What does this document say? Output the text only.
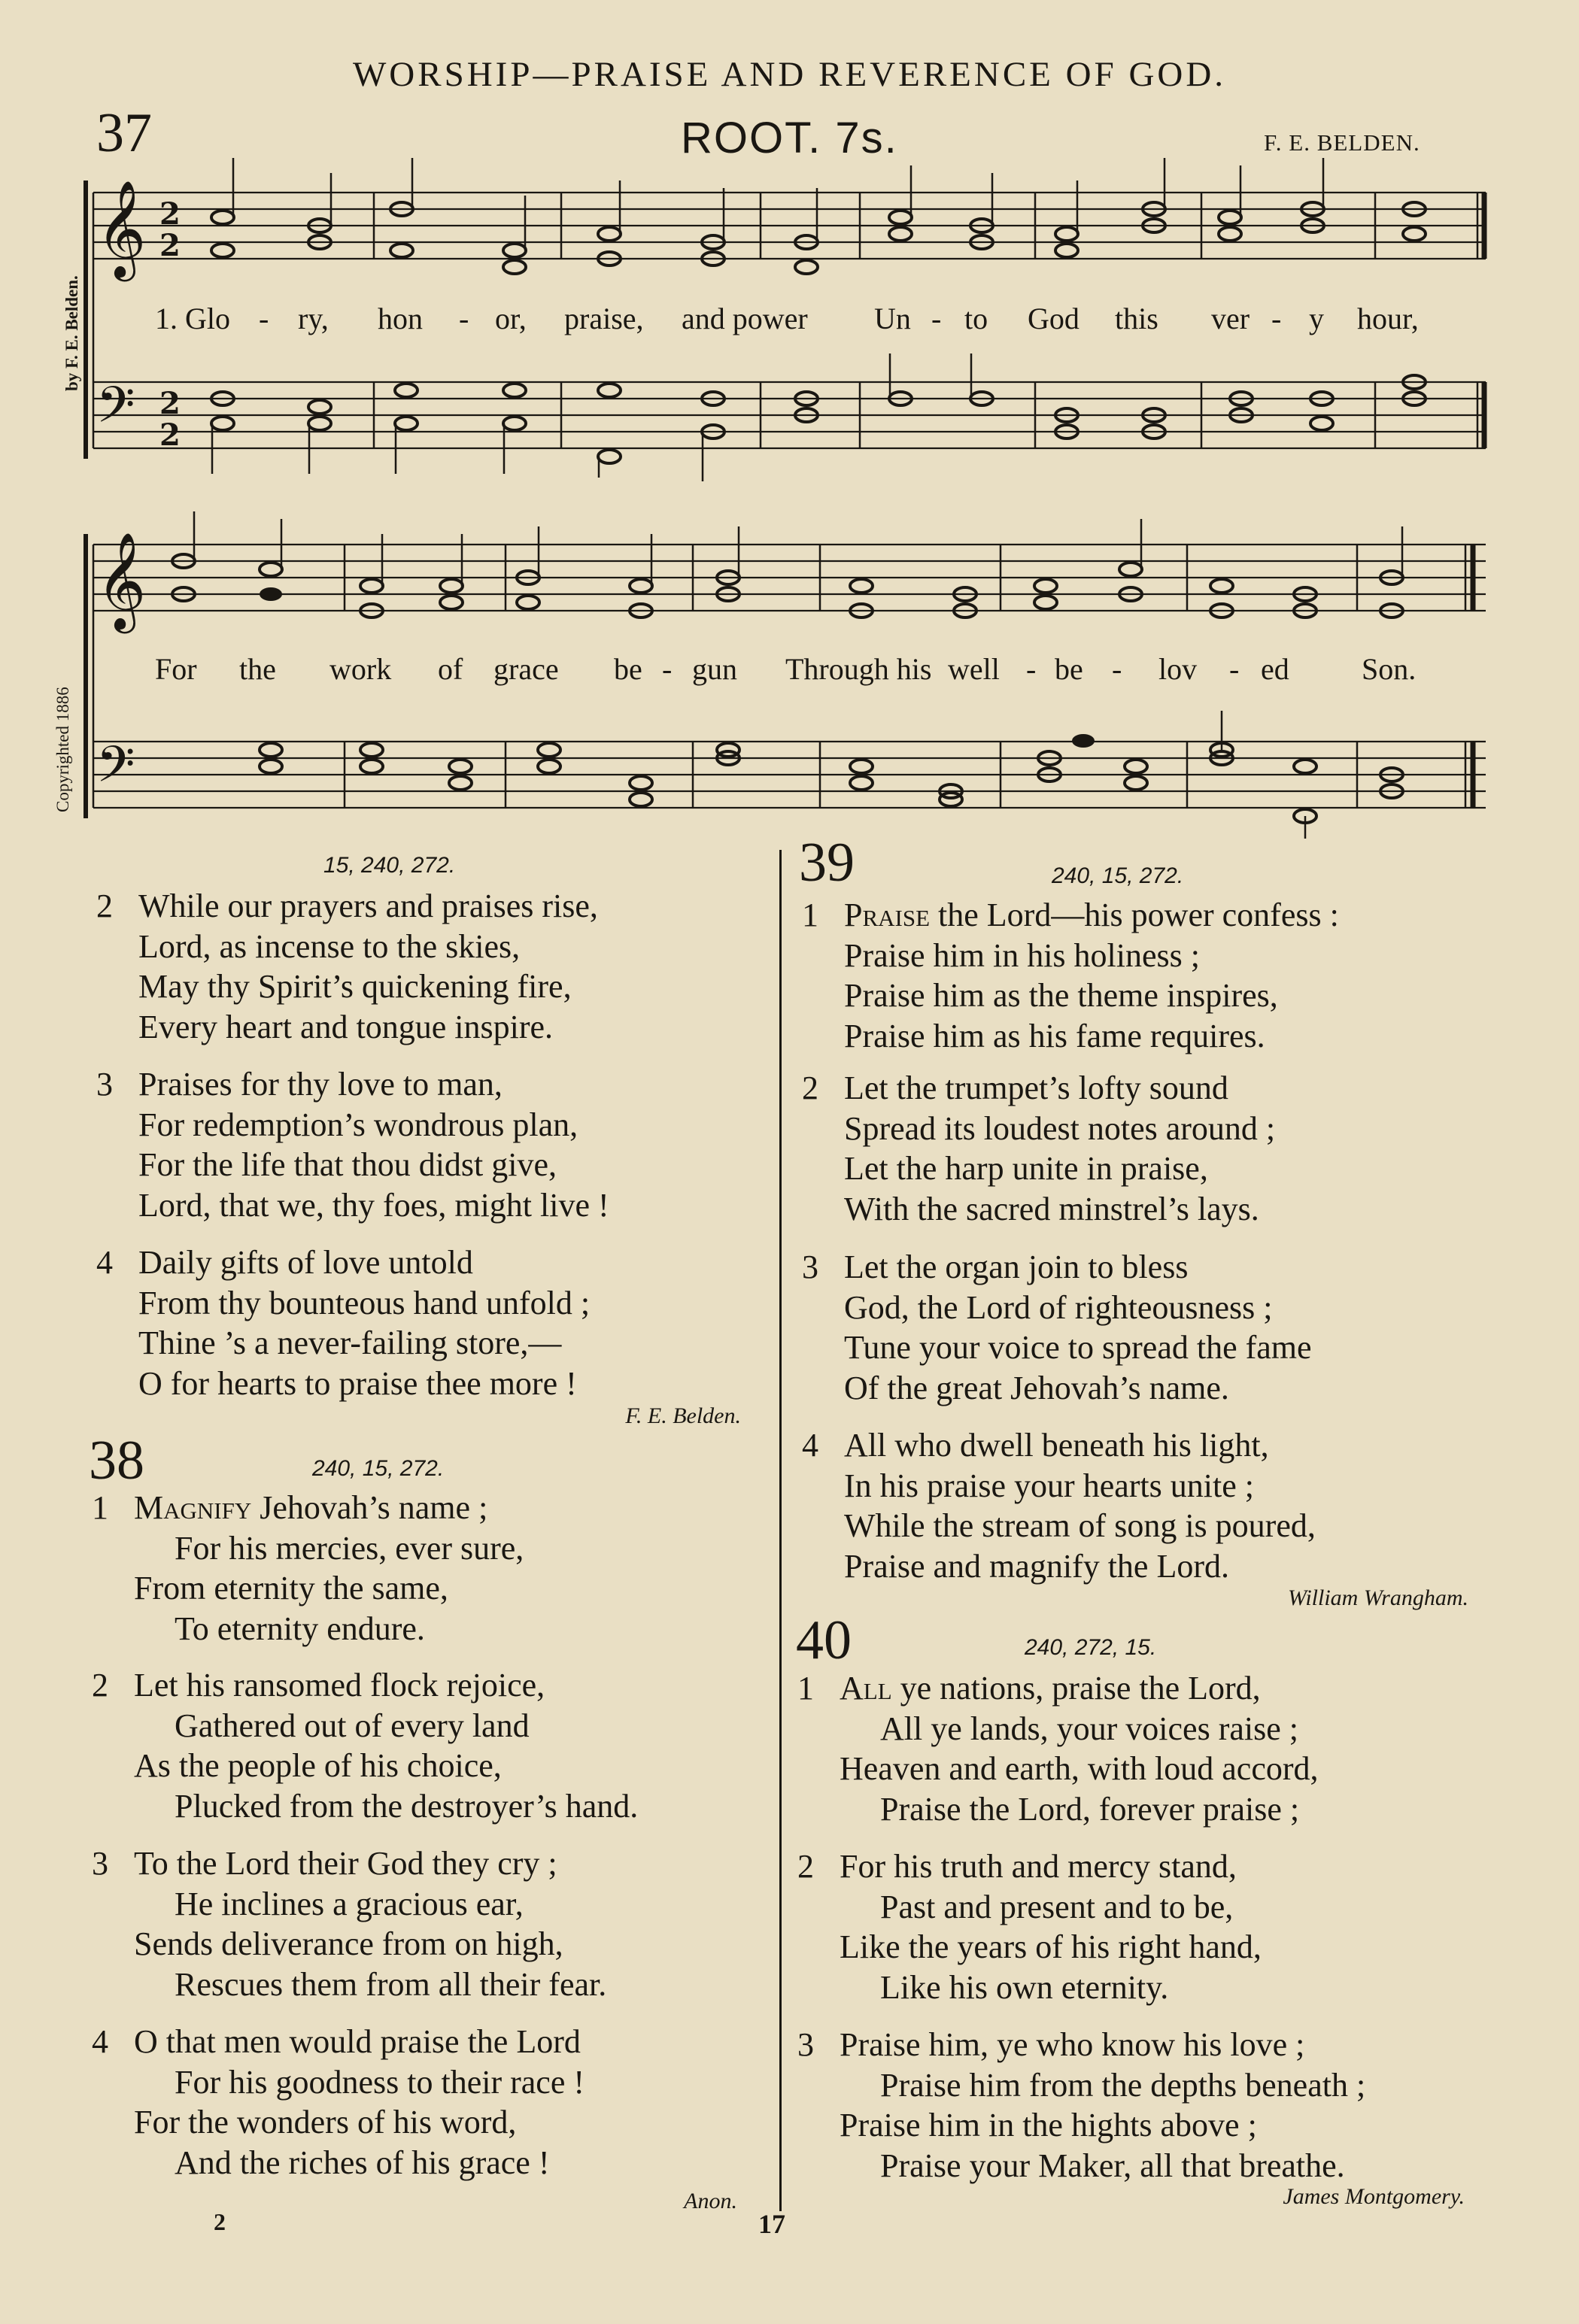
WORSHIP—PRAISE AND REVERENCE OF GOD.
37	ROOT. 7s.	F. E. BELDEN.
by F. E. Belden.
Copyrighted 1886
𝄞
𝄢
𝄞
𝄢
2
2
2
2
1. Glo - ry, hon - or, praise, and power Un - to God this ver - y hour,
For the work of grace be - gun Through his well - be - lov - ed Son.
15, 240, 272.
2 While our prayers and praises rise,
Lord, as incense to the skies,
May thy Spirit’s quickening fire,
Every heart and tongue inspire.
3 Praises for thy love to man,
For redemption’s wondrous plan,
For the life that thou didst give,
Lord, that we, thy foes, might live !
4 Daily gifts of love untold
From thy bounteous hand unfold ;
Thine ’s a never-failing store,—
O for hearts to praise thee more !
F. E. Belden.
38	240, 15, 272.
1 Magnify Jehovah’s name ;
For his mercies, ever sure,
From eternity the same,
To eternity endure.
2 Let his ransomed flock rejoice,
Gathered out of every land
As the people of his choice,
Plucked from the destroyer’s hand.
3 To the Lord their God they cry ;
He inclines a gracious ear,
Sends deliverance from on high,
Rescues them from all their fear.
4 O that men would praise the Lord
For his goodness to their race !
For the wonders of his word,
And the riches of his grace !
Anon.
39	240, 15, 272.
1 Praise the Lord—his power confess :
Praise him in his holiness ;
Praise him as the theme inspires,
Praise him as his fame requires.
2 Let the trumpet’s lofty sound
Spread its loudest notes around ;
Let the harp unite in praise,
With the sacred minstrel’s lays.
3 Let the organ join to bless
God, the Lord of righteousness ;
Tune your voice to spread the fame
Of the great Jehovah’s name.
4 All who dwell beneath his light,
In his praise your hearts unite ;
While the stream of song is poured,
Praise and magnify the Lord.
William Wrangham.
40	240, 272, 15.
1 All ye nations, praise the Lord,
All ye lands, your voices raise ;
Heaven and earth, with loud accord,
Praise the Lord, forever praise ;
2 For his truth and mercy stand,
Past and present and to be,
Like the years of his right hand,
Like his own eternity.
3 Praise him, ye who know his love ;
Praise him from the depths beneath ;
Praise him in the hights above ;
Praise your Maker, all that breathe.
James Montgomery.
2	17
